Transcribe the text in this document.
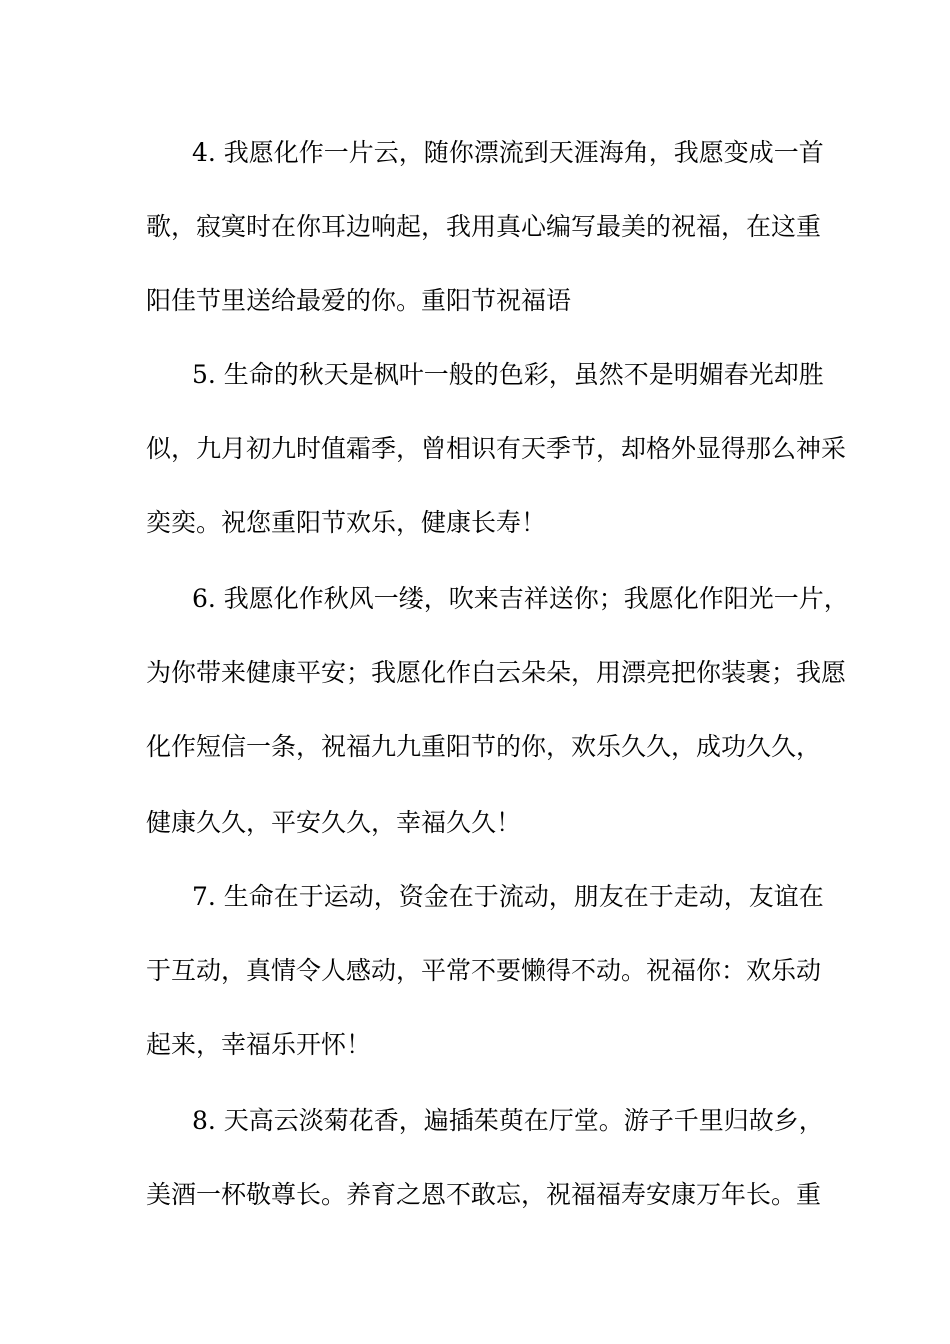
4. 我愿化作一片云，随你漂流到天涯海角，我愿变成一首
歌，寂寞时在你耳边响起，我用真心编写最美的祝福，在这重
阳佳节里送给最爱的你。重阳节祝福语
5. 生命的秋天是枫叶一般的色彩，虽然不是明媚春光却胜
似，九月初九时值霜季，曾相识有天季节，却格外显得那么神采
奕奕。祝您重阳节欢乐，健康长寿！
6. 我愿化作秋风一缕，吹来吉祥送你；我愿化作阳光一片，
为你带来健康平安；我愿化作白云朵朵，用漂亮把你装裹；我愿
化作短信一条，祝福九九重阳节的你，欢乐久久，成功久久，
健康久久，平安久久，幸福久久！
7. 生命在于运动，资金在于流动，朋友在于走动，友谊在
于互动，真情令人感动，平常不要懒得不动。祝福你：欢乐动
起来，幸福乐开怀！
8. 天高云淡菊花香，遍插茱萸在厅堂。游子千里归故乡，
美酒一杯敬尊长。养育之恩不敢忘，祝福福寿安康万年长。重
